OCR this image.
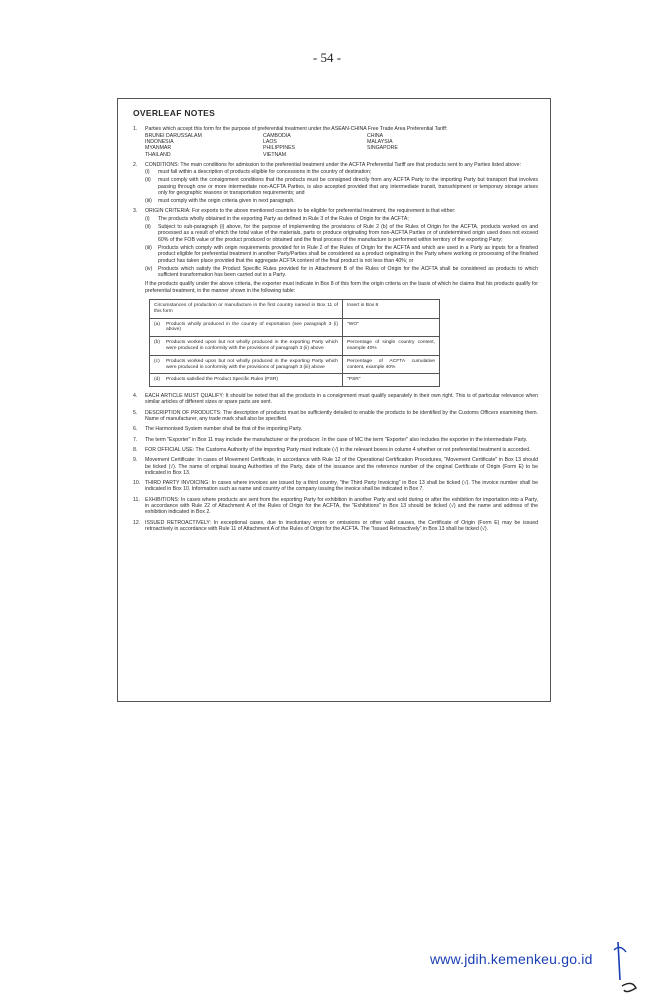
- 54 -
OVERLEAF NOTES
1. Parties which accept this form for the purpose of preferential treatment under the ASEAN-CHINA Free Trade Area Preferential Tariff:
BRUNEI DARUSSALAM	CAMBODIA	CHINA
INDONESIA	LAOS	MALAYSIA
MYANMAR	PHILIPPINES	SINGAPORE
THAILAND	VIETNAM
2. CONDITIONS: The main conditions for admission to the preferential treatment under the ACFTA Preferential Tariff are that products sent to any Parties listed above:
(i) must fall within a description of products eligible for concessions in the country of destination;
(ii) must comply with the consignment conditions that the products must be consigned directly from any ACFTA Party to the importing Party but transport that involves passing through one or more intermediate non-ACFTA Parties, is also accepted provided that any intermediate transit, transshipment or temporary storage arises only for geographic reasons or transportation requirements; and
(iii) must comply with the origin criteria given in next paragraph.
3. ORIGIN CRITERIA: For exports to the above mentioned countries to be eligible for preferential treatment, the requirement is that either:
(i) The products wholly obtained in the exporting Party as defined in Rule 3 of the Rules of Origin for the ACFTA;
(ii) Subject to sub-paragraph (i) above, for the purpose of implementing the provisions of Rule 2 (b) of the Rules of Origin for the ACFTA, products worked on and processed as a result of which the total value of the materials, parts or produce originating from non-ACFTA Parties or of undetermined origin used does not exceed 60% of the FOB value of the product produced or obtained and the final process of the manufacture is performed within territory of the exporting Party;
(iii) Products which comply with origin requirements provided for in Rule 2 of the Rules of Origin for the ACFTA and which are used in a Party as inputs for a finished product eligible for preferential treatment in another Party/Parties shall be considered as a product originating in the Party where working or processing of the finished product has taken place provided that the aggregate ACFTA content of the final product is not less than 40%; or
(iv) Products which satisfy the Product Specific Rules provided for in Attachment B of the Rules of Origin for the ACFTA shall be considered as products to which sufficient transformation has been carried out in a Party.
If the products qualify under the above criteria, the exporter must indicate in Box 8 of this form the origin criteria on the basis of which he claims that his products qualify for preferential treatment, in the manner shown in the following table:
Circumstances of production or manufacture in the first country named in Box 11 of this form	Insert in Box 8

(a) Products wholly produced in the country of exportation (see paragraph 3 (i) above)	"WO"

(b) Products worked upon but not wholly produced in the exporting Party which were produced in conformity with the provisions of paragraph 3 (ii) above	Percentage of single country content, example 40%

(c) Products worked upon but not wholly produced in the exporting Party which were produced in conformity with the provisions of paragraph 3 (iii) above	Percentage of ACFTA cumulative content, example 40%

(d) Products satisfied the Product Specific Rules (PSR)	"PSR"
4. EACH ARTICLE MUST QUALIFY: It should be noted that all the products in a consignment must qualify separately in their own right. This is of particular relevance when similar articles of different sizes or spare parts are sent.
5. DESCRIPTION OF PRODUCTS: The description of products must be sufficiently detailed to enable the products to be identified by the Customs Officers examining them. Name of manufacturer, any trade mark shall also be specified.
6. The Harmonised System number shall be that of the importing Party.
7. The term "Exporter" in Box 11 may include the manufacturer or the producer. In the case of MC the term "Exporter" also includes the exporter in the intermediate Party.
8. FOR OFFICIAL USE: The Customs Authority of the importing Party must indicate (√) in the relevant boxes in column 4 whether or not preferential treatment is accorded.
9. Movement Certificate: In cases of Movement Certificate, in accordance with Rule 12 of the Operational Certification Procedures, "Movement Certificate" in Box 13 should be ticked (√). The name of original issuing Authorities of the Party, date of the issuance and the reference number of the original Certificate of Origin (Form E) to be indicated in Box 13.
10. THIRD PARTY INVOICING: In cases where invoices are issued by a third country, "the Third Party Invoicing" in Box 13 shall be ticked (√). The invoice number shall be indicated in Box 10. Information such as name and country of the company issuing the invoice shall be indicated in Box 7.
11. EXHIBITIONS: In cases where products are sent from the exporting Party for exhibition in another Party and sold during or after the exhibition for importation into a Party, in accordance with Rule 22 of Attachment A of the Rules of Origin for the ACFTA, the "Exhibitions" in Box 13 should be ticked (√) and the name and address of the exhibition indicated in Box 2.
12. ISSUED RETROACTIVELY: In exceptional cases, due to involuntary errors or omissions or other valid causes, the Certificate of Origin (Form E) may be issued retroactively in accordance with Rule 11 of Attachment A of the Rules of Origin for the ACFTA. The "Issued Retroactively" in Box 13 shall be ticked (√).
www.jdih.kemenkeu.go.id
